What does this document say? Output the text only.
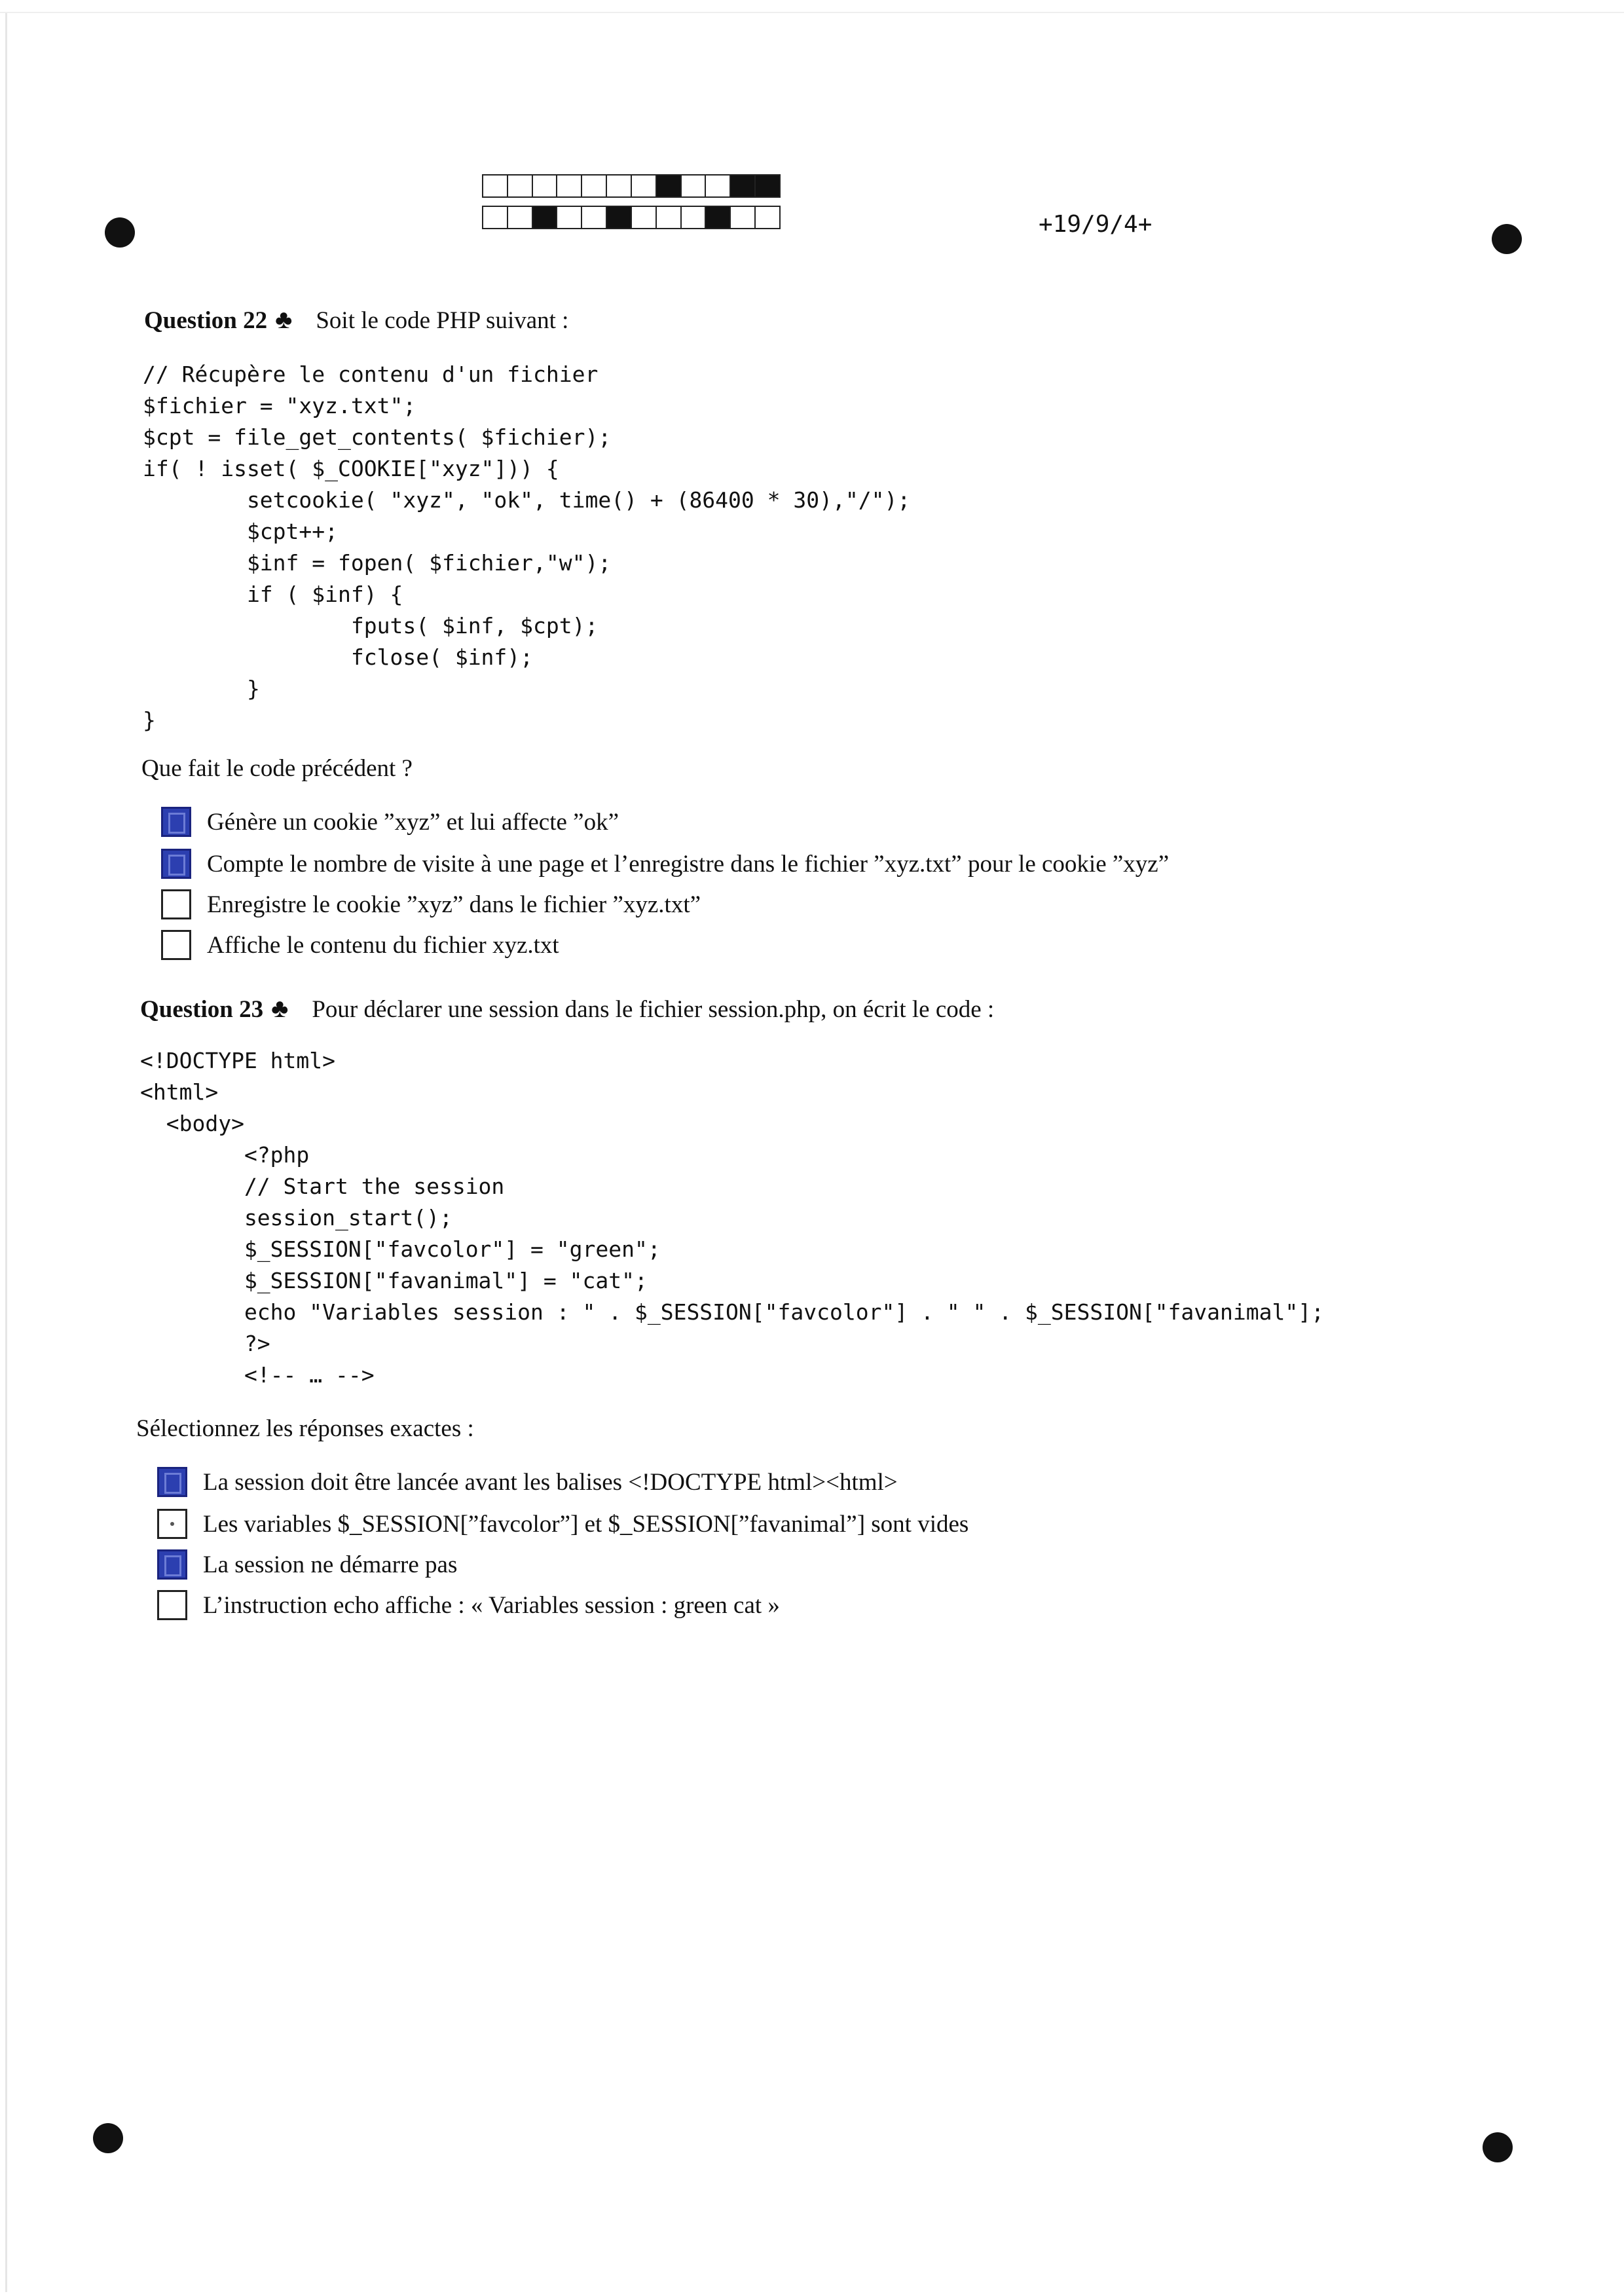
+19/9/4+
Question 22 ♣ Soit le code PHP suivant :
// Récupère le contenu d'un fichier
$fichier = "xyz.txt";
$cpt = file_get_contents( $fichier);
if( ! isset( $_COOKIE["xyz"])) {
setcookie( "xyz", "ok", time() + (86400 * 30),"/");
$cpt++;
$inf = fopen( $fichier,"w");
if ( $inf) {
fputs( $inf, $cpt);
fclose( $inf);
}
}
Que fait le code précédent ?
Génère un cookie ”xyz” et lui affecte ”ok”
Compte le nombre de visite à une page et l’enregistre dans le fichier ”xyz.txt” pour le cookie ”xyz”
Enregistre le cookie ”xyz” dans le fichier ”xyz.txt”
Affiche le contenu du fichier xyz.txt
Question 23 ♣ Pour déclarer une session dans le fichier session.php, on écrit le code :
<!DOCTYPE html>
<html>
<body>
<?php
// Start the session
session_start();
$_SESSION["favcolor"] = "green";
$_SESSION["favanimal"] = "cat";
echo "Variables session : " . $_SESSION["favcolor"] . " " . $_SESSION["favanimal"];
?>
<!-- … -->
Sélectionnez les réponses exactes :
La session doit être lancée avant les balises <!DOCTYPE html><html>
Les variables $_SESSION[”favcolor”] et $_SESSION[”favanimal”] sont vides
La session ne démarre pas
L’instruction echo affiche : « Variables session : green cat »
